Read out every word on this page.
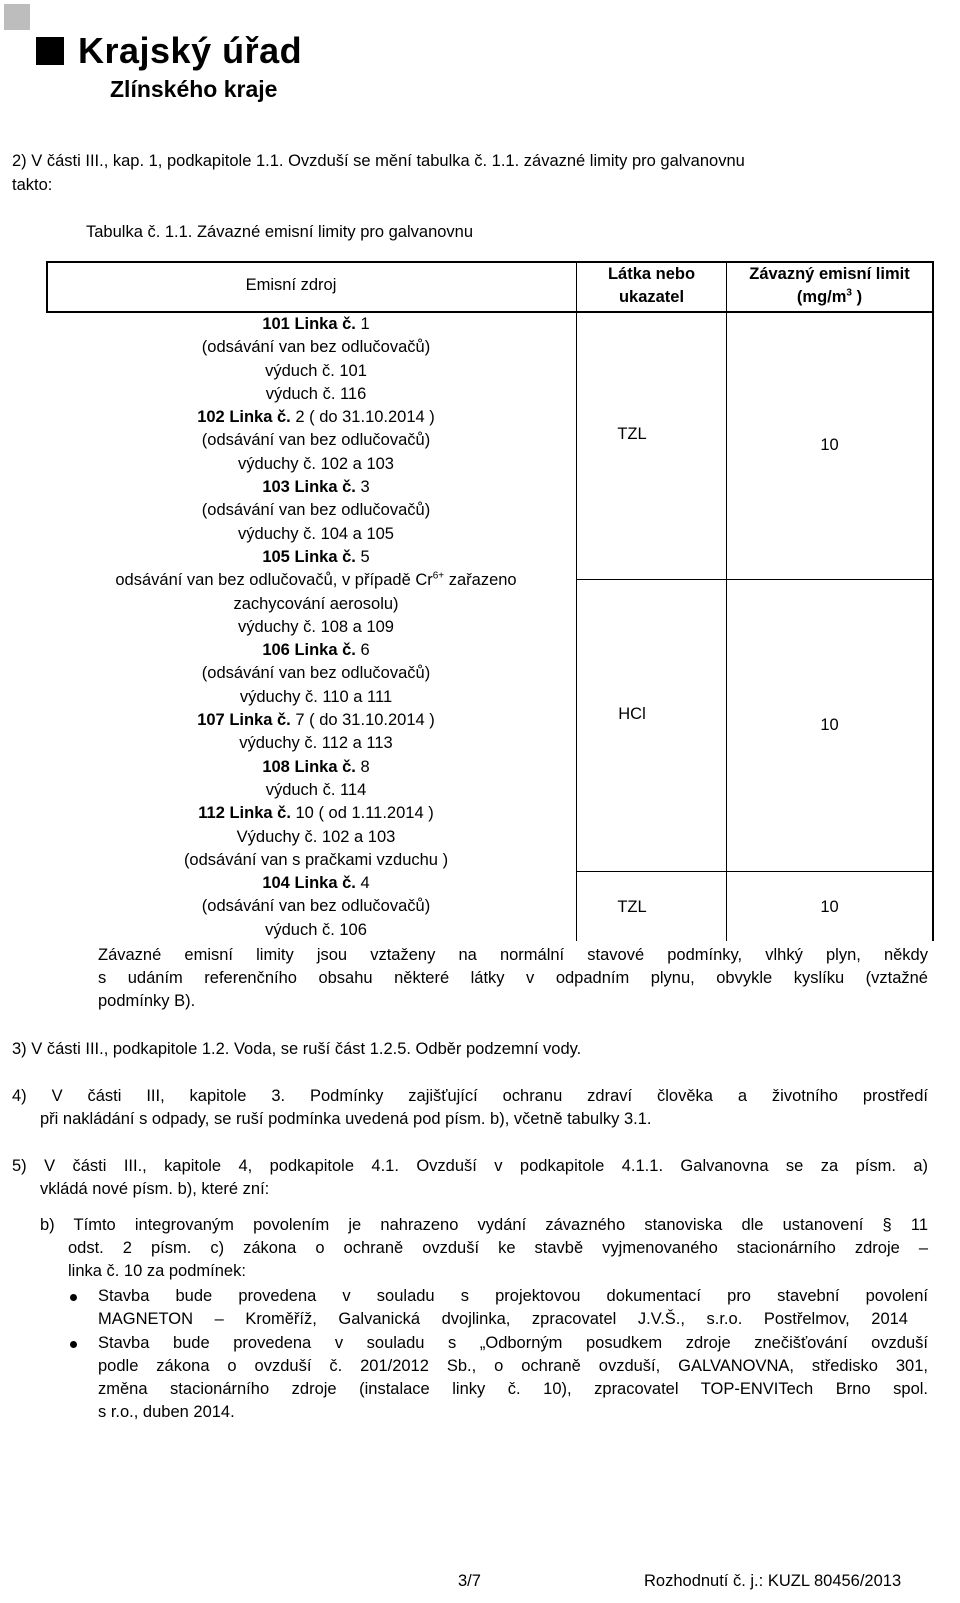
Krajský úřad
Zlínského kraje
2) V části III., kap. 1, podkapitole 1.1. Ovzduší se mění tabulka č. 1.1. závazné limity pro galvanovnu
takto:
Tabulka č. 1.1. Závazné emisní limity pro galvanovnu
Emisní zdroj
Látka nebo
ukazatel
Závazný emisní limit
($mg/m^3$ )
101 Linka č. 1
(odsávání van bez odlučovačů)
výduch č. 101
výduch č. 116
102 Linka č. 2 ( do 31.10.2014 )
(odsávání van bez odlučovačů)
výduchy č. 102 a 103
103 Linka č. 3
(odsávání van bez odlučovačů)
výduchy č. 104 a 105
105 Linka č. 5
odsávání van bez odlučovačů, v případě $Cr^{6+}$ zařazeno
zachycování aerosolu)
výduchy č. 108 a 109
106 Linka č. 6
(odsávání van bez odlučovačů)
výduchy č. 110 a 111
107 Linka č. 7 ( do 31.10.2014 )
výduchy č. 112 a 113
108 Linka č. 8
výduch č. 114
112 Linka č. 10 ( od 1.11.2014 )
Výduchy č. 102 a 103
(odsávání van s pračkami vzduchu )
104 Linka č. 4
(odsávání van bez odlučovačů)
výduch č. 106
TZL
10
HCl
10
TZL	10
Závazné emisní limity jsou vztaženy na normální stavové podmínky, vlhký plyn, někdy
s udáním referenčního obsahu některé látky v odpadním plynu, obvykle kyslíku (vztažné
podmínky B).
3) V části III., podkapitole 1.2. Voda, se ruší část 1.2.5. Odběr podzemní vody.
4) V části III, kapitole 3. Podmínky zajišťující ochranu zdraví člověka a životního prostředí
při nakládání s odpady, se ruší podmínka uvedená pod písm. b), včetně tabulky 3.1.
5) V části III., kapitole 4, podkapitole 4.1. Ovzduší v podkapitole 4.1.1. Galvanovna se za písm. a)
vkládá nové písm. b), které zní:
b) Tímto integrovaným povolením je nahrazeno vydání závazného stanoviska dle ustanovení § 11
odst. 2 písm. c) zákona o ochraně ovzduší ke stavbě vyjmenovaného stacionárního zdroje –
linka č. 10 za podmínek:
Stavba bude provedena v souladu s projektovou dokumentací pro stavební povolení
MAGNETON – Kroměříž, Galvanická dvojlinka, zpracovatel J.V.Š., s.r.o. Postřelmov, 2014
Stavba bude provedena v souladu s „Odborným posudkem zdroje znečišťování ovzduší
podle zákona o ovzduší č. 201/2012 Sb., o ochraně ovzduší, GALVANOVNA, středisko 301,
změna stacionárního zdroje (instalace linky č. 10), zpracovatel TOP-ENVITech Brno spol.
s r.o., duben 2014.
3/7	Rozhodnutí č. j.: KUZL 80456/2013
